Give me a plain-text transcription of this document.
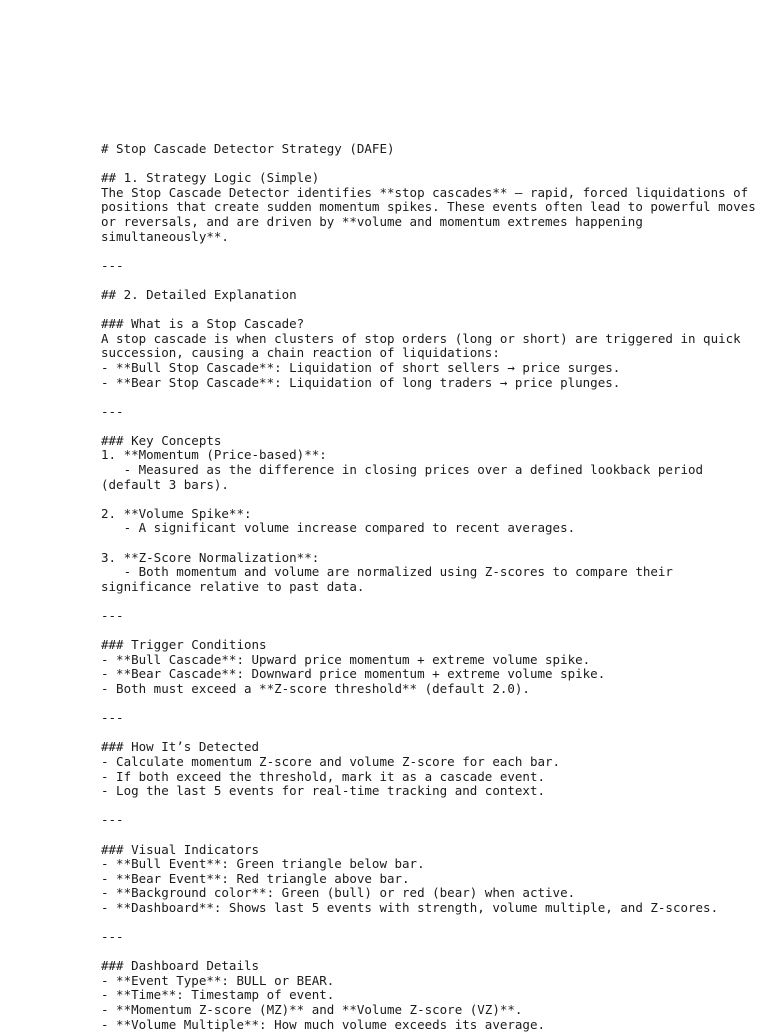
# Stop Cascade Detector Strategy (DAFE)
## 1. Strategy Logic (Simple)
The Stop Cascade Detector identifies **stop cascades** — rapid, forced liquidations of
positions that create sudden momentum spikes. These events often lead to powerful moves
or reversals, and are driven by **volume and momentum extremes happening
simultaneously**.
---
## 2. Detailed Explanation
### What is a Stop Cascade?
A stop cascade is when clusters of stop orders (long or short) are triggered in quick
succession, causing a chain reaction of liquidations:
- **Bull Stop Cascade**: Liquidation of short sellers → price surges.
- **Bear Stop Cascade**: Liquidation of long traders → price plunges.
---
### Key Concepts
1. **Momentum (Price-based)**:
- Measured as the difference in closing prices over a defined lookback period
(default 3 bars).
2. **Volume Spike**:
- A significant volume increase compared to recent averages.
3. **Z-Score Normalization**:
- Both momentum and volume are normalized using Z-scores to compare their
significance relative to past data.
---
### Trigger Conditions
- **Bull Cascade**: Upward price momentum + extreme volume spike.
- **Bear Cascade**: Downward price momentum + extreme volume spike.
- Both must exceed a **Z-score threshold** (default 2.0).
---
### How It’s Detected
- Calculate momentum Z-score and volume Z-score for each bar.
- If both exceed the threshold, mark it as a cascade event.
- Log the last 5 events for real-time tracking and context.
---
### Visual Indicators
- **Bull Event**: Green triangle below bar.
- **Bear Event**: Red triangle above bar.
- **Background color**: Green (bull) or red (bear) when active.
- **Dashboard**: Shows last 5 events with strength, volume multiple, and Z-scores.
---
### Dashboard Details
- **Event Type**: BULL or BEAR.
- **Time**: Timestamp of event.
- **Momentum Z-score (MZ)** and **Volume Z-score (VZ)**.
- **Volume Multiple**: How much volume exceeds its average.
